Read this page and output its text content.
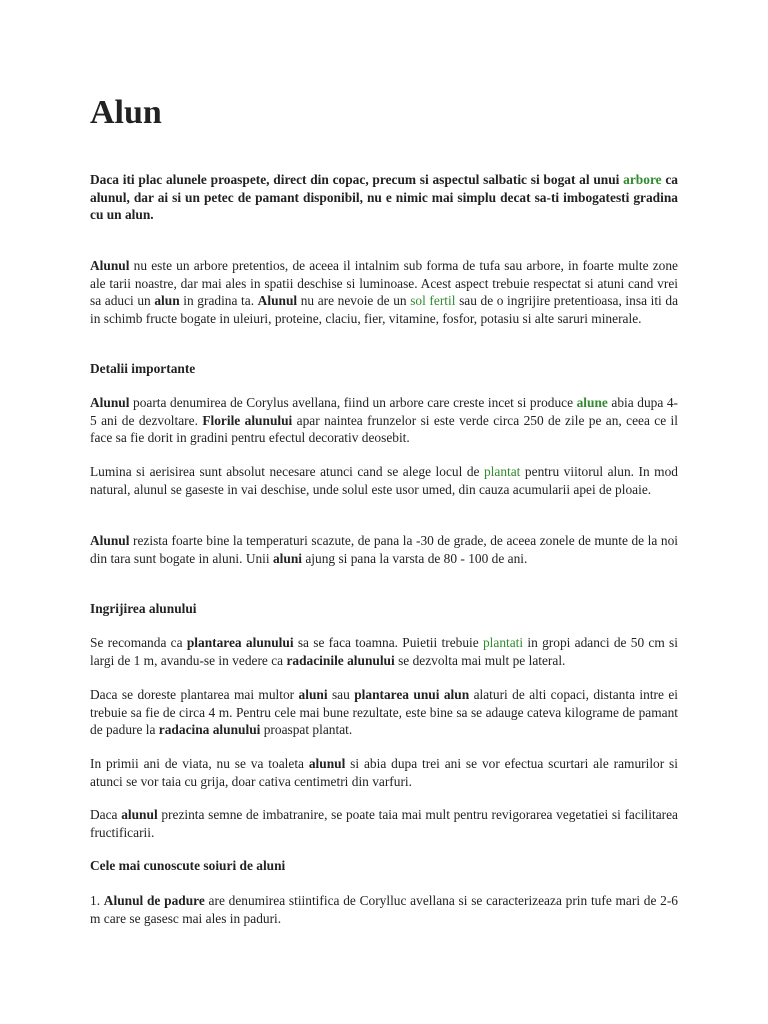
Alun

Daca iti plac alunele proaspete, direct din copac, precum si aspectul salbatic si bogat al unui arbore ca alunul, dar ai si un petec de pamant disponibil, nu e nimic mai simplu decat sa-ti imbogatesti gradina cu un alun.

Alunul nu este un arbore pretentios, de aceea il intalnim sub forma de tufa sau arbore, in foarte multe zone ale tarii noastre, dar mai ales in spatii deschise si luminoase. Acest aspect trebuie respectat si atuni cand vrei sa aduci un alun in gradina ta. Alunul nu are nevoie de un sol fertil sau de o ingrijire pretentioasa, insa iti da in schimb fructe bogate in uleiuri, proteine, claciu, fier, vitamine, fosfor, potasiu si alte saruri minerale.

Detalii importante

Alunul poarta denumirea de Corylus avellana, fiind un arbore care creste incet si produce alune abia dupa 4-5 ani de dezvoltare. Florile alunului apar naintea frunzelor si este verde circa 250 de zile pe an, ceea ce il face sa fie dorit in gradini pentru efectul decorativ deosebit.

Lumina si aerisirea sunt absolut necesare atunci cand se alege locul de plantat pentru viitorul alun. In mod natural, alunul se gaseste in vai deschise, unde solul este usor umed, din cauza acumularii apei de ploaie.

Alunul rezista foarte bine la temperaturi scazute, de pana la -30 de grade, de aceea zonele de munte de la noi din tara sunt bogate in aluni. Unii aluni ajung si pana la varsta de 80 - 100 de ani.

Ingrijirea alunului

Se recomanda ca plantarea alunului sa se faca toamna. Puietii trebuie plantati in gropi adanci de 50 cm si largi de 1 m, avandu-se in vedere ca radacinile alunului se dezvolta mai mult pe lateral.

Daca se doreste plantarea mai multor aluni sau plantarea unui alun alaturi de alti copaci, distanta intre ei trebuie sa fie de circa 4 m. Pentru cele mai bune rezultate, este bine sa se adauge cateva kilograme de pamant de padure la radacina alunului proaspat plantat.

In primii ani de viata, nu se va toaleta alunul si abia dupa trei ani se vor efectua scurtari ale ramurilor si atunci se vor taia cu grija, doar cativa centimetri din varfuri.

Daca alunul prezinta semne de imbatranire, se poate taia mai mult pentru revigorarea vegetatiei si facilitarea fructificarii.

Cele mai cunoscute soiuri de aluni

1. Alunul de padure are denumirea stiintifica de Corylluc avellana si se caracterizeaza prin tufe mari de 2-6 m care se gasesc mai ales in paduri.
